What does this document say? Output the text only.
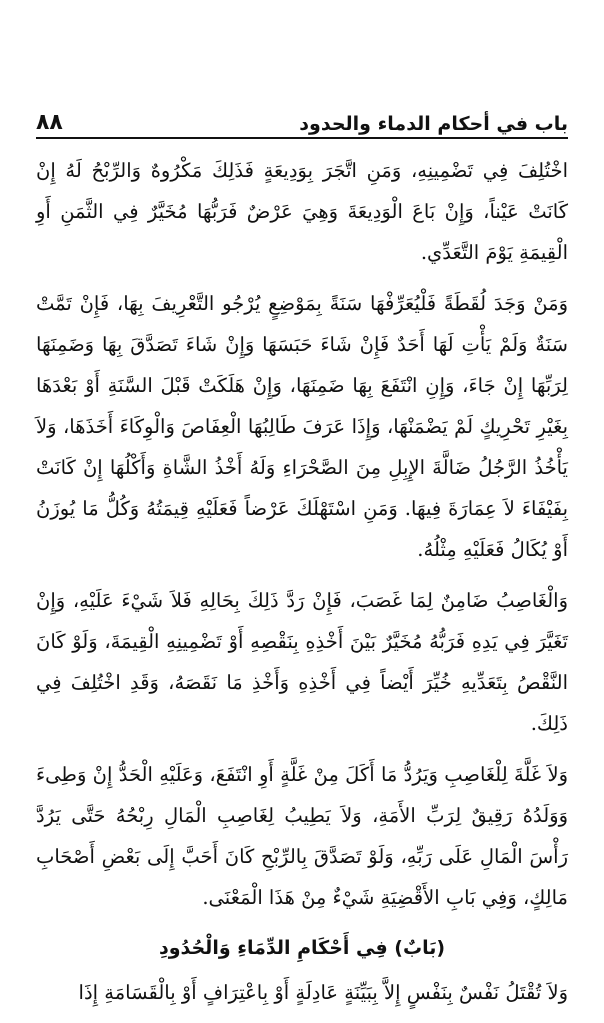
باب في أحكام الدماء والحدود
٨٨

اخْتُلِفَ فِي تَضْمِينِهِ، وَمَنِ اتَّجَرَ بِوَدِيعَةٍ فَذَلِكَ مَكْرُوهٌ وَالرِّبْحُ لَهُ إِنْ كَانَتْ عَيْناً، وَإِنْ بَاعَ الْوَدِيعَةَ وَهِيَ عَرْضٌ فَرَبُّهَا مُخَيَّرٌ فِي الثَّمَنِ أَوِ الْقِيمَةِ يَوْمَ التَّعَدِّي.

وَمَنْ وَجَدَ لُقَطَةً فَلْيُعَرِّفْهَا سَنَةً بِمَوْضِعٍ يُرْجُو التَّعْرِيفَ بِهَا، فَإِنْ تَمَّتْ سَنَةٌ وَلَمْ يَأْتِ لَهَا أَحَدٌ فَإِنْ شَاءَ حَبَسَهَا وَإِنْ شَاءَ تَصَدَّقَ بِهَا وَضَمِنَهَا لِرَبِّهَا إِنْ جَاءَ، وَإِنِ انْتَفَعَ بِهَا ضَمِنَهَا، وَإِنْ هَلَكَتْ قَبْلَ السَّنَةِ أَوْ بَعْدَهَا بِغَيْرِ تَحْرِيكٍ لَمْ يَضْمَنْهَا، وَإِذَا عَرَفَ طَالِبُهَا الْعِفَاصَ وَالْوِكَاءَ أَخَذَهَا، وَلاَ يَأْخُذُ الرَّجُلُ ضَالَّةَ الإِبِلِ مِنَ الصَّحْرَاءِ وَلَهُ أَخْذُ الشَّاةِ وَأَكْلُهَا إِنْ كَانَتْ بِفَيْفَاءَ لاَ عِمَارَةَ فِيهَا. وَمَنِ اسْتَهْلَكَ عَرْضاً فَعَلَيْهِ قِيمَتُهُ وَكُلُّ مَا يُوزَنُ أَوْ يُكَالُ فَعَلَيْهِ مِثْلُهُ.

وَالْغَاصِبُ ضَامِنٌ لِمَا غَصَبَ، فَإِنْ رَدَّ ذَلِكَ بِحَالِهِ فَلاَ شَيْءَ عَلَيْهِ، وَإِنْ تَغَيَّرَ فِي يَدِهِ فَرَبُّهُ مُخَيَّرٌ بَيْنَ أَخْذِهِ بِنَقْصِهِ أَوْ تَضْمِينِهِ الْقِيمَةَ، وَلَوْ كَانَ النَّقْصُ بِتَعَدِّيهِ خُيِّرَ أَيْضاً فِي أَخْذِهِ وَأَخْذِ مَا نَقَصَهُ، وَقَدِ اخْتُلِفَ فِي ذَلِكَ.

وَلاَ غَلَّةَ لِلْغَاصِبِ وَيَرُدُّ مَا أَكَلَ مِنْ غَلَّةٍ أَوِ انْتَفَعَ، وَعَلَيْهِ الْحَدُّ إِنْ وَطِىءَ وَوَلَدُهُ رَقِيقٌ لِرَبِّ الأَمَةِ، وَلاَ يَطِيبُ لِغَاصِبِ الْمَالِ رِبْحُهُ حَتَّى يَرُدَّ رَأْسَ الْمَالِ عَلَى رَبِّهِ، وَلَوْ تَصَدَّقَ بِالرِّبْحِ كَانَ أَحَبَّ إِلَى بَعْضِ أَصْحَابِ مَالِكٍ، وَفِي بَابِ الأَقْضِيَةِ شَيْءٌ مِنْ هَذَا الْمَعْنَى.

(بَابٌ) فِي أَحْكَامِ الدِّمَاءِ وَالْحُدُودِ

وَلاَ تُقْتَلُ نَفْسٌ بِنَفْسٍ إِلاَّ بِبَيِّنَةٍ عَادِلَةٍ أَوْ بِاعْتِرَافٍ أَوْ بِالْقَسَامَةِ إِذَا
